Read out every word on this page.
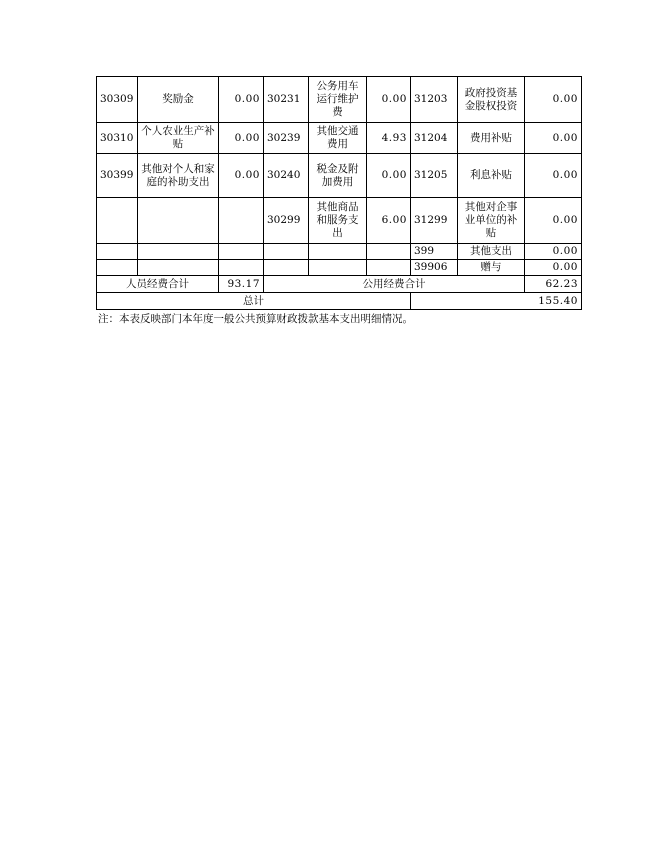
30309	奖励金	0.00	30231	公务用车运行维护费	0.00	31203	政府投资基金股权投资	0.00
30310	个人农业生产补贴	0.00	30239	其他交通费用	4.93	31204	费用补贴	0.00
30399	其他对个人和家庭的补助支出	0.00	30240	税金及附加费用	0.00	31205	利息补贴	0.00
			30299	其他商品和服务支出	6.00	31299	其他对企事业单位的补贴	0.00
						399	其他支出	0.00
						39906	赠与	0.00
人员经费合计		93.17	公用经费合计					62.23
总计						155.40		
注：本表反映部门本年度一般公共预算财政拨款基本支出明细情况。
